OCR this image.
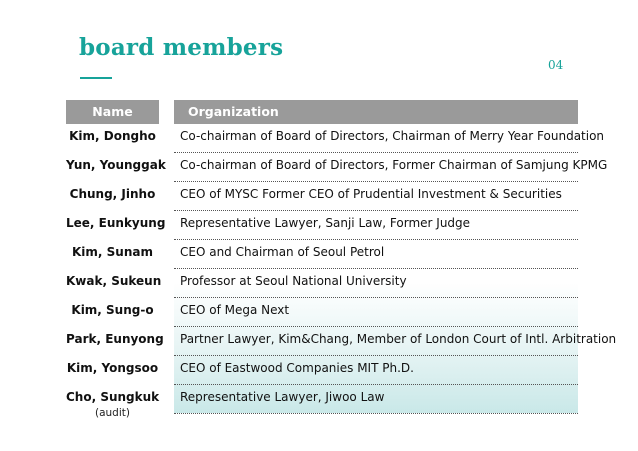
board members
04
Name	Organization
Kim, Dongho	Co-chairman of Board of Directors, Chairman of Merry Year Foundation
Yun, Younggak	Co-chairman of Board of Directors, Former Chairman of Samjung KPMG
Chung, Jinho	CEO of MYSC Former CEO of Prudential Investment & Securities
Lee, Eunkyung	Representative Lawyer, Sanji Law, Former Judge
Kim, Sunam	CEO and Chairman of Seoul Petrol
Kwak, Sukeun	Professor at Seoul National University
Kim, Sung-o	CEO of Mega Next
Park, Eunyong	Partner Lawyer, Kim&Chang, Member of London Court of Intl. Arbitration
Kim, Yongsoo	CEO of Eastwood Companies MIT Ph.D.
Cho, Sungkuk	Representative Lawyer, Jiwoo Law
(audit)
